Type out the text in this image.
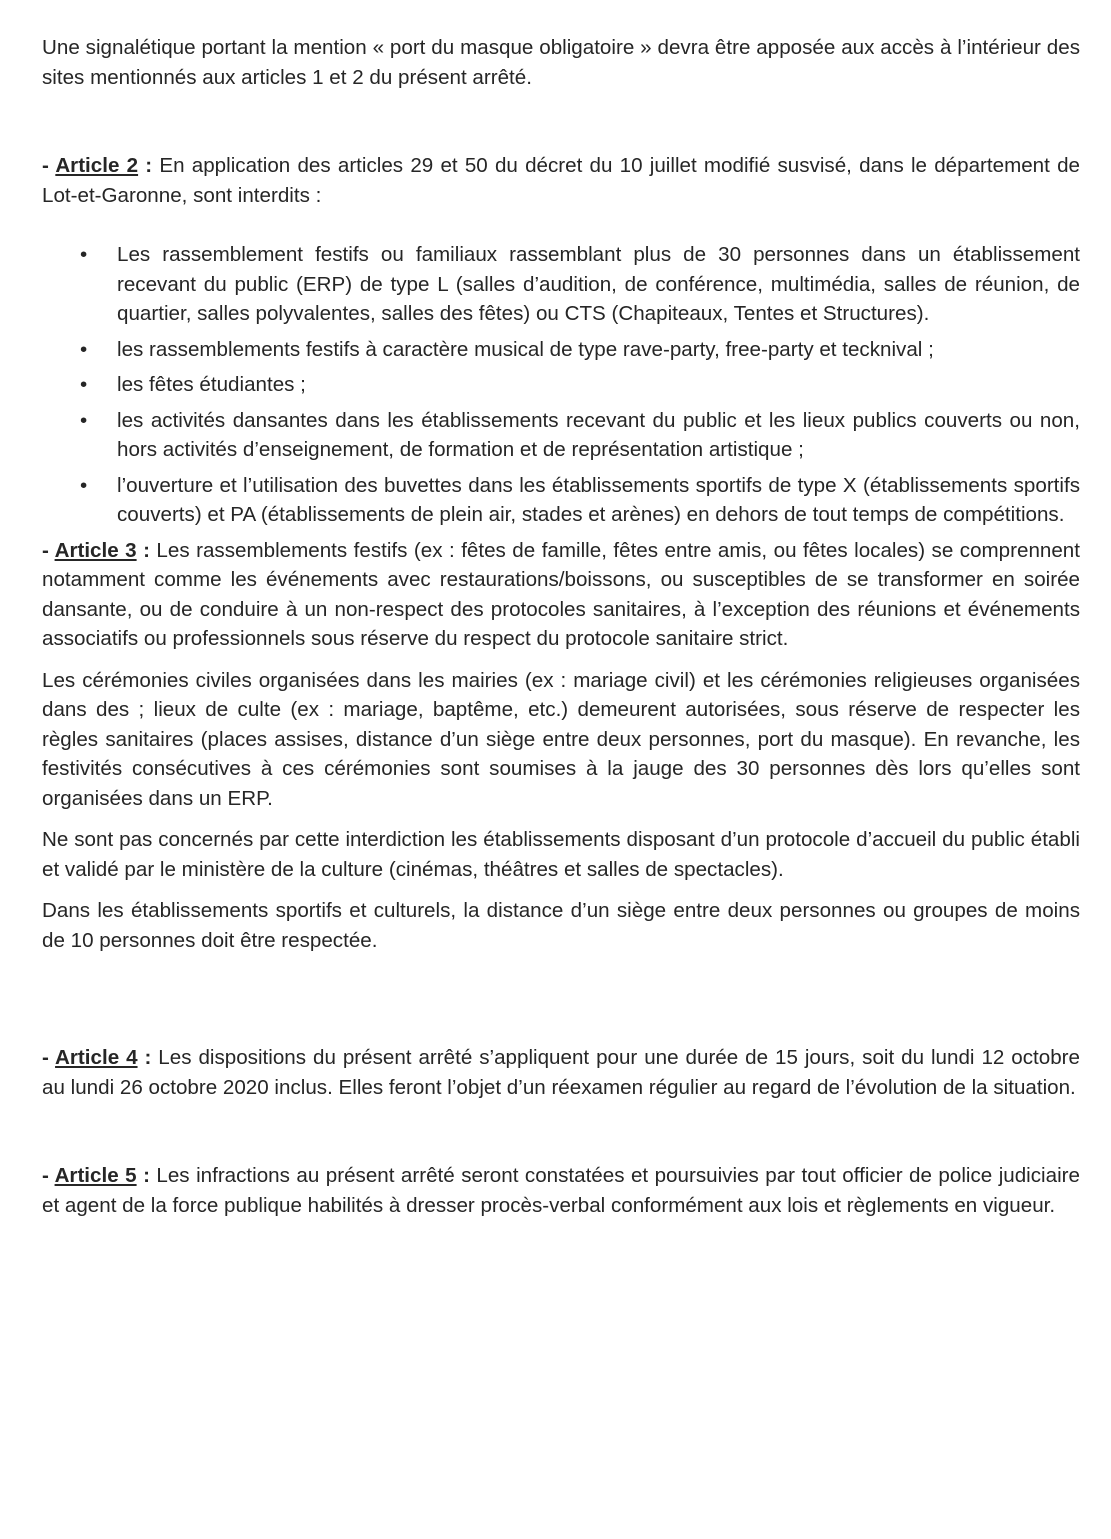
Une signalétique portant la mention « port du masque obligatoire » devra être apposée aux accès à l’intérieur des sites mentionnés aux articles 1 et 2 du présent arrêté.

- Article 2 : En application des articles 29 et 50 du décret du 10 juillet modifié susvisé, dans le département de Lot-et-Garonne, sont interdits :

• Les rassemblement festifs ou familiaux rassemblant plus de 30 personnes dans un établissement recevant du public (ERP) de type L (salles d’audition, de conférence, multimédia, salles de réunion, de quartier, salles polyvalentes, salles des fêtes) ou CTS (Chapiteaux, Tentes et Structures).
• les rassemblements festifs à caractère musical de type rave-party, free-party et tecknival ;
• les fêtes étudiantes ;
• les activités dansantes dans les établissements recevant du public et les lieux publics couverts ou non, hors activités d’enseignement, de formation et de représentation artistique ;
• l’ouverture et l’utilisation des buvettes dans les établissements sportifs de type X (établissements sportifs couverts) et PA (établissements de plein air, stades et arènes) en dehors de tout temps de compétitions.

- Article 3 : Les rassemblements festifs (ex : fêtes de famille, fêtes entre amis, ou fêtes locales) se comprennent notamment comme les événements avec restaurations/boissons, ou susceptibles de se transformer en soirée dansante, ou de conduire à un non-respect des protocoles sanitaires, à l’exception des réunions et événements associatifs ou professionnels sous réserve du respect du protocole sanitaire strict.

Les cérémonies civiles organisées dans les mairies (ex : mariage civil) et les cérémonies religieuses organisées dans des ; lieux de culte (ex : mariage, baptême, etc.) demeurent autorisées, sous réserve de respecter les règles sanitaires (places assises, distance d’un siège entre deux personnes, port du masque). En revanche, les festivités consécutives à ces cérémonies sont soumises à la jauge des 30 personnes dès lors qu’elles sont organisées dans un ERP.

Ne sont pas concernés par cette interdiction les établissements disposant d’un protocole d’accueil du public établi et validé par le ministère de la culture (cinémas, théâtres et salles de spectacles).

Dans les établissements sportifs et culturels, la distance d’un siège entre deux personnes ou groupes de moins de 10 personnes doit être respectée.

- Article 4 : Les dispositions du présent arrêté s’appliquent pour une durée de 15 jours, soit du lundi 12 octobre au lundi 26 octobre 2020 inclus. Elles feront l’objet d’un réexamen régulier au regard de l’évolution de la situation.

- Article 5 : Les infractions au présent arrêté seront constatées et poursuivies par tout officier de police judiciaire et agent de la force publique habilités à dresser procès-verbal conformément aux lois et règlements en vigueur.
